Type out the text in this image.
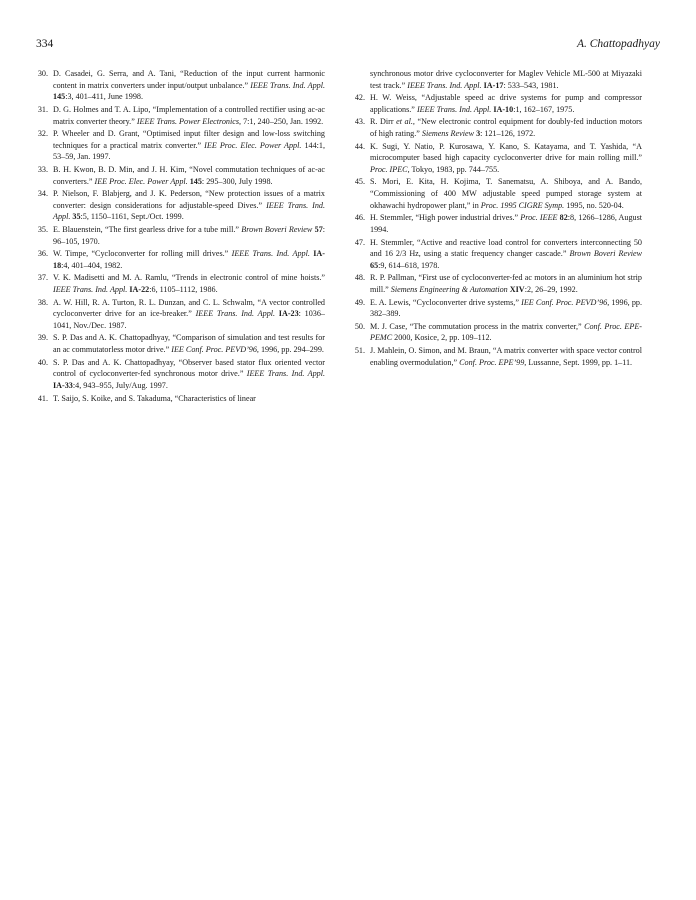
334	A. Chattopadhyay
30. D. Casadei, G. Serra, and A. Tani, “Reduction of the input current harmonic content in matrix converters under input/output unbalance.” IEEE Trans. Ind. Appl. 145:3, 401–411, June 1998.
31. D. G. Holmes and T. A. Lipo, “Implementation of a controlled rectifier using ac-ac matrix converter theory.” IEEE Trans. Power Electronics, 7:1, 240–250, Jan. 1992.
32. P. Wheeler and D. Grant, “Optimised input filter design and low-loss switching techniques for a practical matrix converter.” IEE Proc. Elec. Power Appl. 144:1, 53–59, Jan. 1997.
33. B. H. Kwon, B. D. Min, and J. H. Kim, “Novel commutation techniques of ac-ac converters.” IEE Proc. Elec. Power Appl. 145: 295–300, July 1998.
34. P. Nielson, F. Blabjerg, and J. K. Pederson, “New protection issues of a matrix converter: design considerations for adjustable-speed Dives.” IEEE Trans. Ind. Appl. 35:5, 1150–1161, Sept./Oct. 1999.
35. E. Blauenstein, “The first gearless drive for a tube mill.” Brown Boveri Review 57: 96–105, 1970.
36. W. Timpe, “Cycloconverter for rolling mill drives.” IEEE Trans. Ind. Appl. IA-18:4, 401–404, 1982.
37. V. K. Madisetti and M. A. Ramlu, “Trends in electronic control of mine hoists.” IEEE Trans. Ind. Appl. IA-22:6, 1105–1112, 1986.
38. A. W. Hill, R. A. Turton, R. L. Dunzan, and C. L. Schwalm, “A vector controlled cycloconverter drive for an ice-breaker.” IEEE Trans. Ind. Appl. IA-23: 1036–1041, Nov./Dec. 1987.
39. S. P. Das and A. K. Chattopadhyay, “Comparison of simulation and test results for an ac commutatorless motor drive.” IEE Conf. Proc. PEVD’96, 1996, pp. 294–299.
40. S. P. Das and A. K. Chattopadhyay, “Observer based stator flux oriented vector control of cycloconverter-fed synchronous motor drive.” IEEE Trans. Ind. Appl. IA-33:4, 943–955, July/Aug. 1997.
41. T. Saijo, S. Koike, and S. Takaduma, “Characteristics of linear
synchronous motor drive cycloconverter for Maglev Vehicle ML-500 at Miyazaki test track.” IEEE Trans. Ind. Appl. IA-17: 533–543, 1981.
42. H. W. Weiss, “Adjustable speed ac drive systems for pump and compressor applications.” IEEE Trans. Ind. Appl. IA-10:1, 162–167, 1975.
43. R. Dirr et al., “New electronic control equipment for doubly-fed induction motors of high rating.” Siemens Review 3: 121–126, 1972.
44. K. Sugi, Y. Natio, P. Kurosawa, Y. Kano, S. Katayama, and T. Yashida, “A microcomputer based high capacity cycloconverter drive for main rolling mill.” Proc. IPEC, Tokyo, 1983, pp. 744–755.
45. S. Mori, E. Kita, H. Kojima, T. Sanematsu, A. Shiboya, and A. Bando, “Commissioning of 400 MW adjustable speed pumped storage system at okhawachi hydropower plant,” in Proc. 1995 CIGRE Symp. 1995, no. 520-04.
46. H. Stemmler, “High power industrial drives.” Proc. IEEE 82:8, 1266–1286, August 1994.
47. H. Stemmler, “Active and reactive load control for converters interconnecting 50 and 16 2/3 Hz, using a static frequency changer cascade.” Brown Boveri Review 65:9, 614–618, 1978.
48. R. P. Pallman, “First use of cycloconverter-fed ac motors in an aluminium hot strip mill.” Siemens Engineering & Automation XIV:2, 26–29, 1992.
49. E. A. Lewis, “Cycloconverter drive systems,” IEE Conf. Proc. PEVD’96, 1996, pp. 382–389.
50. M. J. Case, “The commutation process in the matrix converter,” Conf. Proc. EPE-PEMC 2000, Kosice, 2, pp. 109–112.
51. J. Mahlein, O. Simon, and M. Braun, “A matrix converter with space vector control enabling overmodulation,” Conf. Proc. EPE’99, Lussanne, Sept. 1999, pp. 1–11.
